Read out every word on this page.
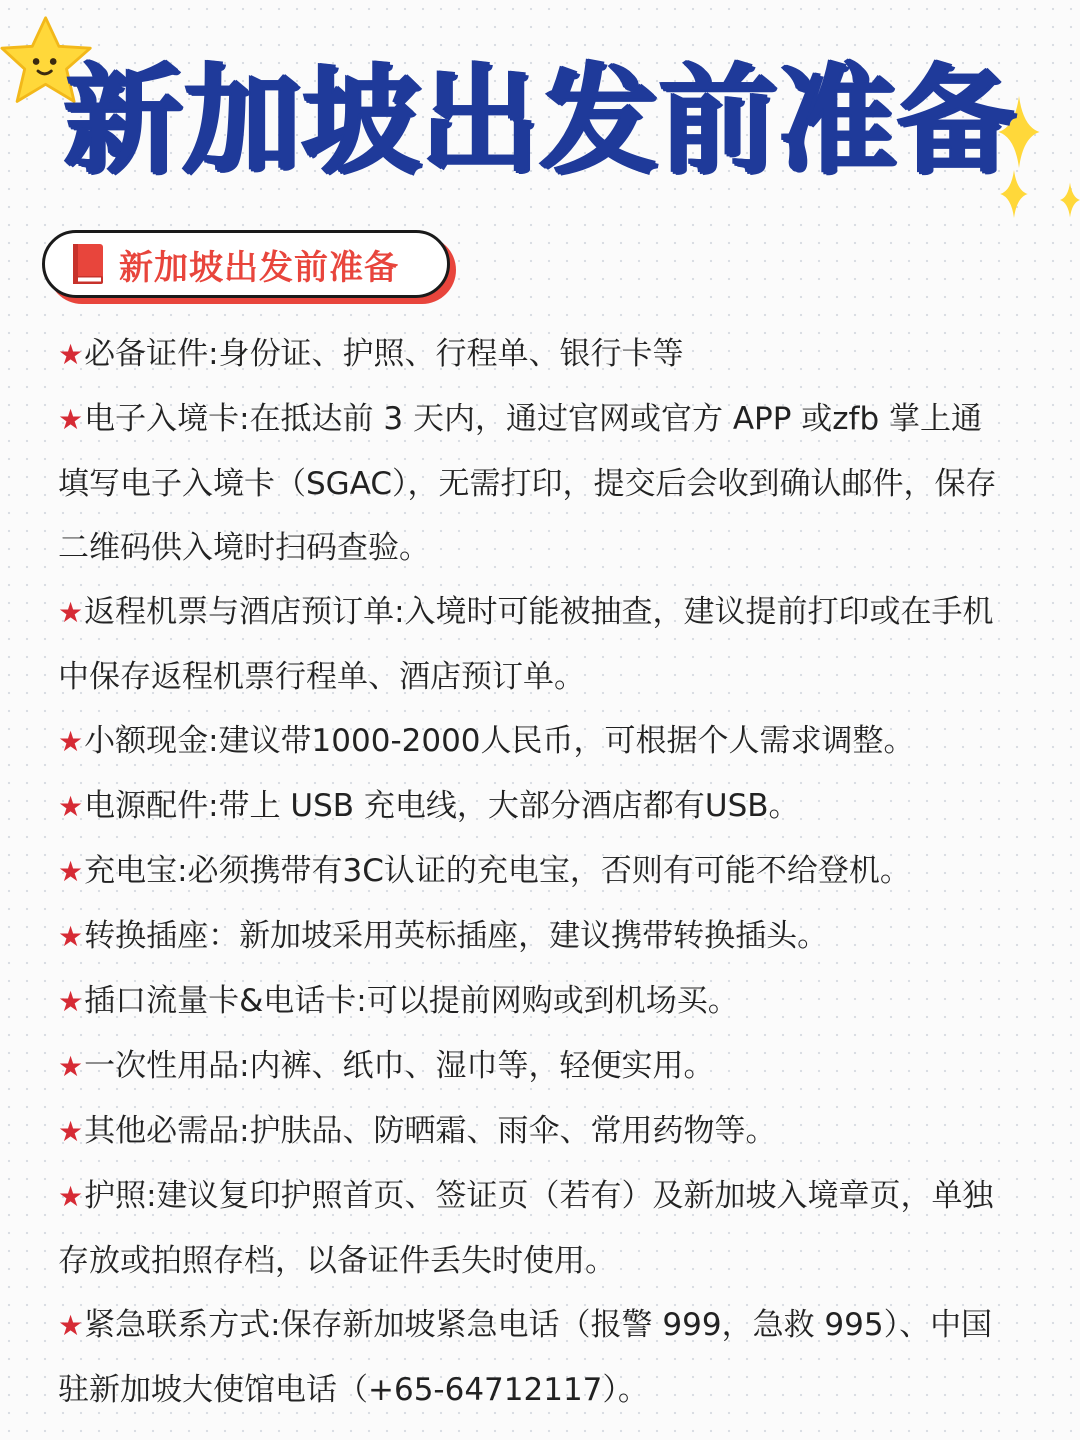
新加坡出发前准备
新加坡出发前准备

★必备证件:身份证、护照、行程单、银行卡等

★电子入境卡:在抵达前 3 天内，通过官网或官方 APP 或zfb 掌上通填写电子入境卡（SGAC），无需打印，提交后会收到确认邮件，保存二维码供入境时扫码查验。

★返程机票与酒店预订单:入境时可能被抽查，建议提前打印或在手机中保存返程机票行程单、酒店预订单。

★小额现金:建议带1000-2000人民币，可根据个人需求调整。

★电源配件:带上 USB 充电线，大部分酒店都有USB。

★充电宝:必须携带有3C认证的充电宝，否则有可能不给登机。

★转换插座：新加坡采用英标插座，建议携带转换插头。

★插口流量卡&电话卡:可以提前网购或到机场买。

★一次性用品:内裤、纸巾、湿巾等，轻便实用。

★其他必需品:护肤品、防晒霜、雨伞、常用药物等。

★护照:建议复印护照首页、签证页（若有）及新加坡入境章页，单独存放或拍照存档，以备证件丢失时使用。

★紧急联系方式:保存新加坡紧急电话（报警 999，急救 995）、中国驻新加坡大使馆电话（+65-64712117）。
